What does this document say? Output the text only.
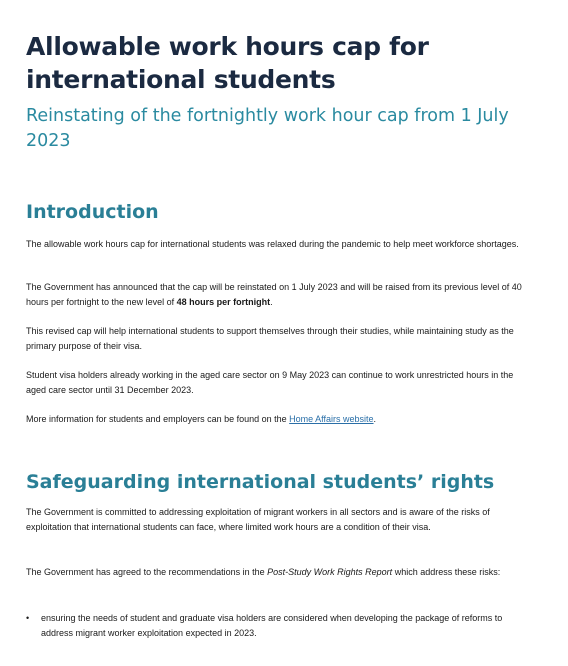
Allowable work hours cap for international students

Reinstating of the fortnightly work hour cap from 1 July 2023

Introduction

The allowable work hours cap for international students was relaxed during the pandemic to help meet workforce shortages.

The Government has announced that the cap will be reinstated on 1 July 2023 and will be raised from its previous level of 40 hours per fortnight to the new level of 48 hours per fortnight.

This revised cap will help international students to support themselves through their studies, while maintaining study as the primary purpose of their visa.

Student visa holders already working in the aged care sector on 9 May 2023 can continue to work unrestricted hours in the aged care sector until 31 December 2023.

More information for students and employers can be found on the Home Affairs website.

Safeguarding international students’ rights

The Government is committed to addressing exploitation of migrant workers in all sectors and is aware of the risks of exploitation that international students can face, where limited work hours are a condition of their visa.

The Government has agreed to the recommendations in the Post-Study Work Rights Report which address these risks:

• ensuring the needs of student and graduate visa holders are considered when developing the package of reforms to address migrant worker exploitation expected in 2023.
